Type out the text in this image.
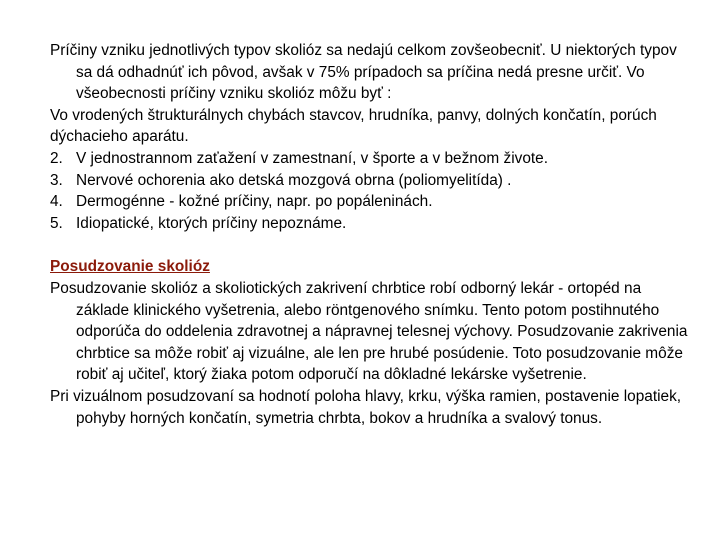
Príčiny vzniku jednotlivých typov skolióz sa nedajú celkom zovšeobecniť. U niektorých typov sa dá odhadnúť ich pôvod, avšak v 75% prípadoch sa príčina nedá presne určiť. Vo všeobecnosti príčiny vzniku skolióz môžu byť :

Vo vrodených štrukturálnych chybách stavcov, hrudníka, panvy, dolných končatín, porúch dýchacieho aparátu.

2. V jednostrannom zaťažení v zamestnaní, v športe a v bežnom živote.

3. Nervové ochorenia ako detská mozgová obrna (poliomyelitída) .

4. Dermogénne - kožné príčiny, napr. po popáleninách.

5. Idiopatické, ktorých príčiny nepoznáme.

Posudzovanie skolióz

Posudzovanie skolióz a skoliotických zakrivení chrbtice robí odborný lekár - ortopéd na základe klinického vyšetrenia, alebo röntgenového snímku. Tento potom postihnutého odporúča do oddelenia zdravotnej a nápravnej telesnej výchovy. Posudzovanie zakrivenia chrbtice sa môže robiť aj vizuálne, ale len pre hrubé posúdenie. Toto posudzovanie môže robiť aj učiteľ, ktorý žiaka potom odporučí na dôkladné lekárske vyšetrenie.

Pri vizuálnom posudzovaní sa hodnotí poloha hlavy, krku, výška ramien, postavenie lopatiek, pohyby horných končatín, symetria chrbta, bokov a hrudníka a svalový tonus.
